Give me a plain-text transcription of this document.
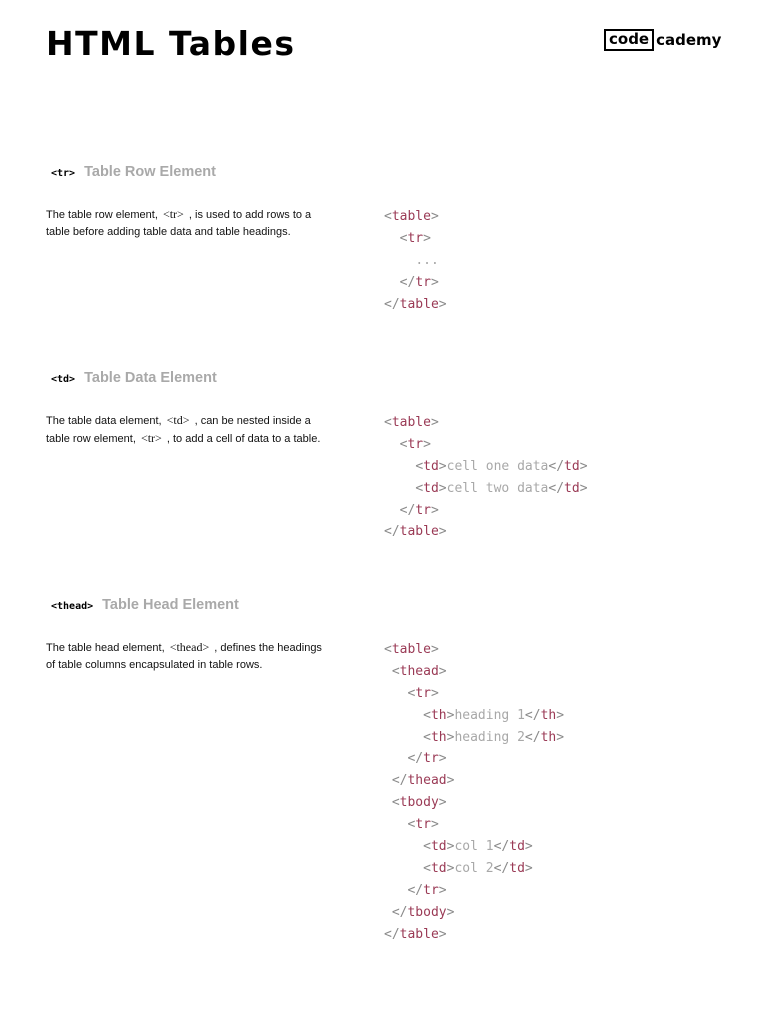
HTML Tables	code cademy
<tr> Table Row Element

The table row element, <tr> , is used to add rows to a table before adding table data and table headings.

<table>
<tr>
...
</tr>
</table>
<td> Table Data Element

The table data element, <td> , can be nested inside a table row element, <tr> , to add a cell of data to a table.

<table>
<tr>
<td>cell one data</td>
<td>cell two data</td>
</tr>
</table>
<thead> Table Head Element

The table head element, <thead> , defines the headings of table columns encapsulated in table rows.

<table>
<thead>
<tr>
<th>heading 1</th>
<th>heading 2</th>
</tr>
</thead>
<tbody>
<tr>
<td>col 1</td>
<td>col 2</td>
</tr>
</tbody>
</table>
